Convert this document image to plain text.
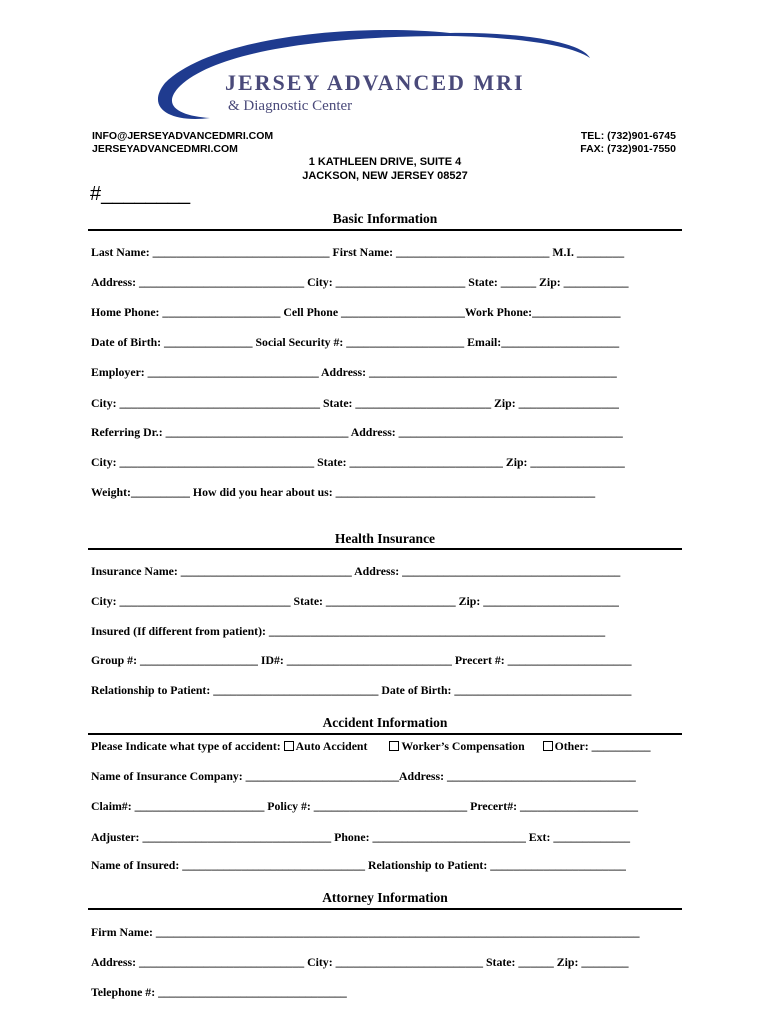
JERSEY ADVANCED MRI
& Diagnostic Center
INFO@JERSEYADVANCEDMRI.COM
JERSEYADVANCEDMRI.COM
TEL: (732)901-6745
FAX: (732)901-7550
1 KATHLEEN DRIVE, SUITE 4
JACKSON, NEW JERSEY 08527
#________
Basic Information
Last Name: ______________________________ First Name: __________________________ M.I. ________
Address: ____________________________ City: ______________________ State: ______ Zip: ___________
Home Phone: ____________________ Cell Phone _____________________Work Phone:_______________
Date of Birth: _______________ Social Security #: ____________________ Email:____________________
Employer: _____________________________ Address: __________________________________________
City: __________________________________ State: _______________________ Zip: _________________
Referring Dr.: _______________________________ Address: ______________________________________
City: _________________________________ State: __________________________ Zip: ________________
Weight:__________ How did you hear about us: ____________________________________________
Health Insurance
Insurance Name: _____________________________ Address: _____________________________________
City: _____________________________ State: ______________________ Zip: _______________________
Insured (If different from patient): _________________________________________________________
Group #: ____________________ ID#: ____________________________ Precert #: _____________________
Relationship to Patient: ____________________________ Date of Birth: ______________________________
Accident Information
Please Indicate what type of accident: Auto Accident	Worker’s Compensation	Other: __________
Name of Insurance Company: __________________________Address: ________________________________
Claim#: ______________________ Policy #: __________________________ Precert#: ____________________
Adjuster: ________________________________ Phone: __________________________ Ext: _____________
Name of Insured: _______________________________ Relationship to Patient: _______________________
Attorney Information
Firm Name: __________________________________________________________________________________
Address: ____________________________ City: _________________________ State: ______ Zip: ________
Telephone #: ________________________________
